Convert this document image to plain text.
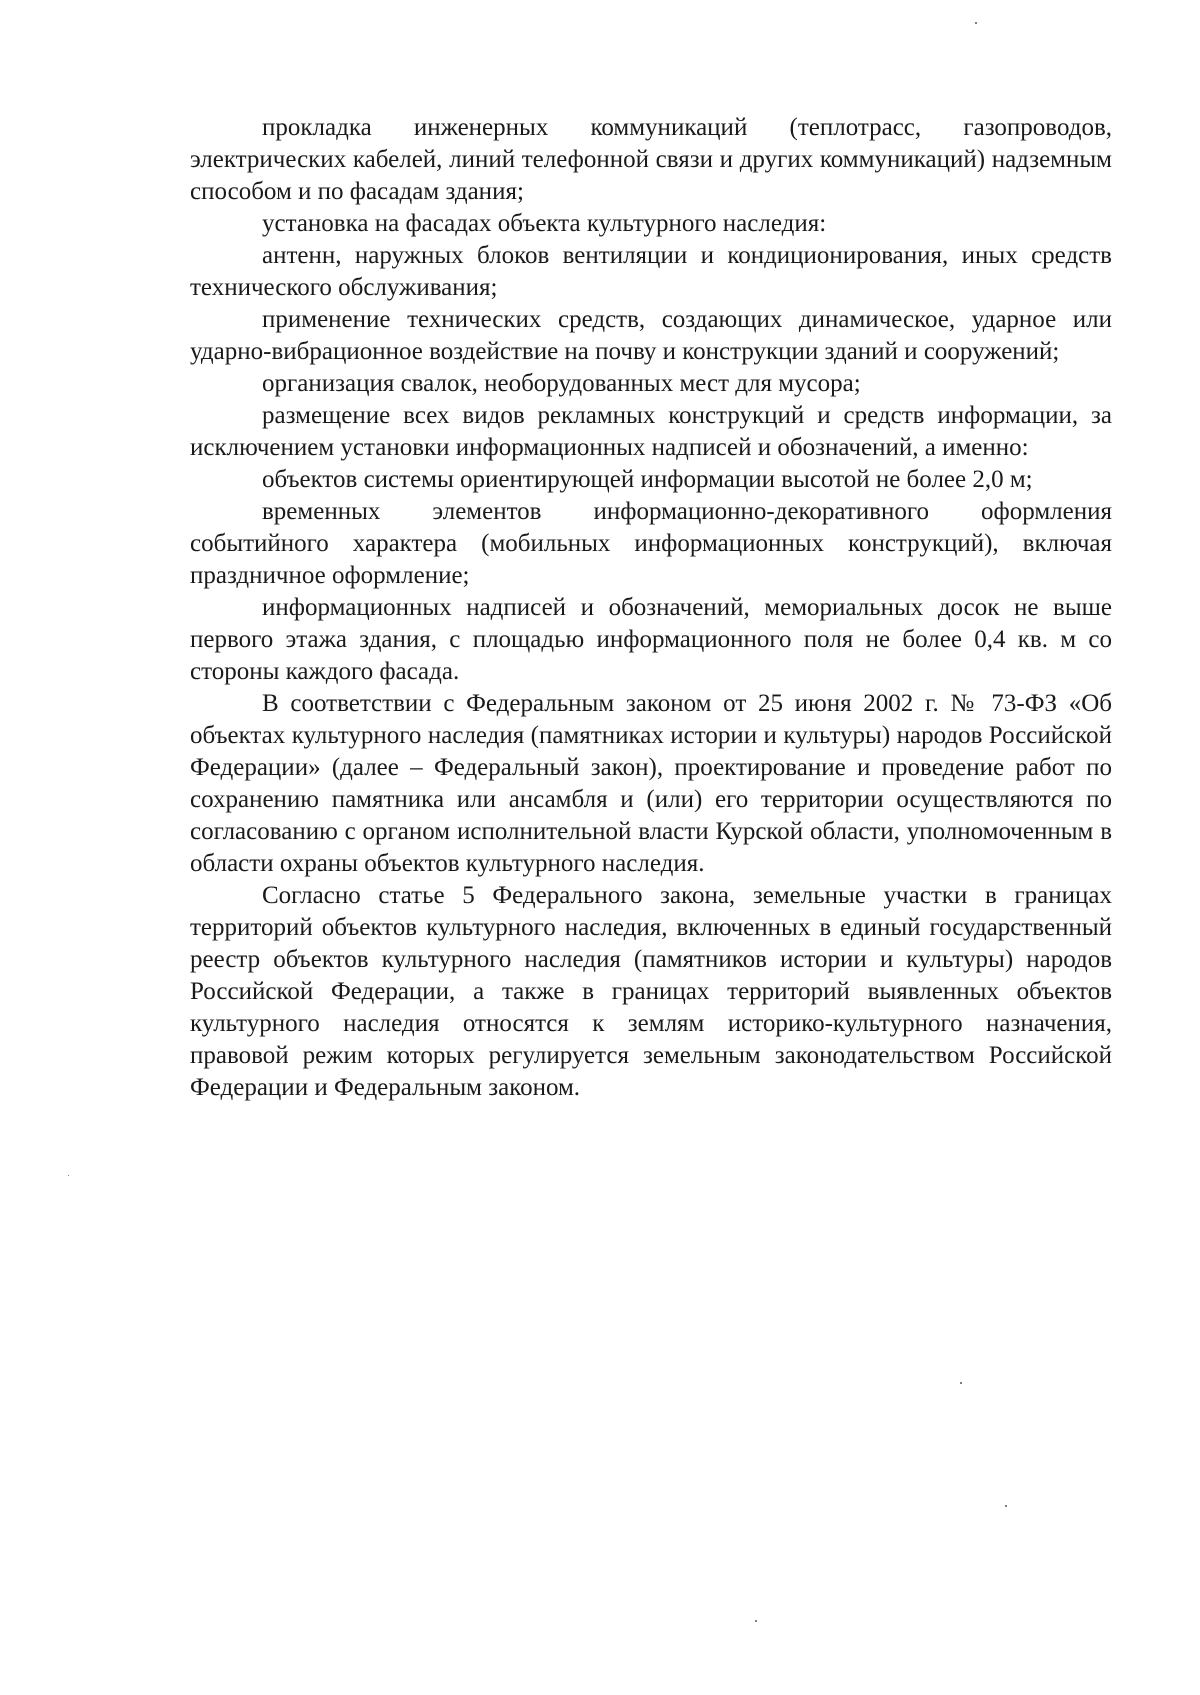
прокладка инженерных коммуникаций (теплотрасс, газопроводов, электрических кабелей, линий телефонной связи и других коммуникаций) надземным способом и по фасадам здания;

установка на фасадах объекта культурного наследия:

антенн, наружных блоков вентиляции и кондиционирования, иных средств технического обслуживания;

применение технических средств, создающих динамическое, ударное или ударно-вибрационное воздействие на почву и конструкции зданий и сооружений;

организация свалок, необорудованных мест для мусора;

размещение всех видов рекламных конструкций и средств информации, за исключением установки информационных надписей и обозначений, а именно:

объектов системы ориентирующей информации высотой не более 2,0 м;

временных элементов информационно-декоративного оформления событийного характера (мобильных информационных конструкций), включая праздничное оформление;

информационных надписей и обозначений, мемориальных досок не выше первого этажа здания, с площадью информационного поля не более 0,4 кв. м со стороны каждого фасада.

В соответствии с Федеральным законом от 25 июня 2002 г. № 73-ФЗ «Об объектах культурного наследия (памятниках истории и культуры) народов Российской Федерации» (далее – Федеральный закон), проектирование и проведение работ по сохранению памятника или ансамбля и (или) его территории осуществляются по согласованию с органом исполнительной власти Курской области, уполномоченным в области охраны объектов культурного наследия.

Согласно статье 5 Федерального закона, земельные участки в границах территорий объектов культурного наследия, включенных в единый государственный реестр объектов культурного наследия (памятников истории и культуры) народов Российской Федерации, а также в границах территорий выявленных объектов культурного наследия относятся к землям историко-культурного назначения, правовой режим которых регулируется земельным законодательством Российской Федерации и Федеральным законом.
